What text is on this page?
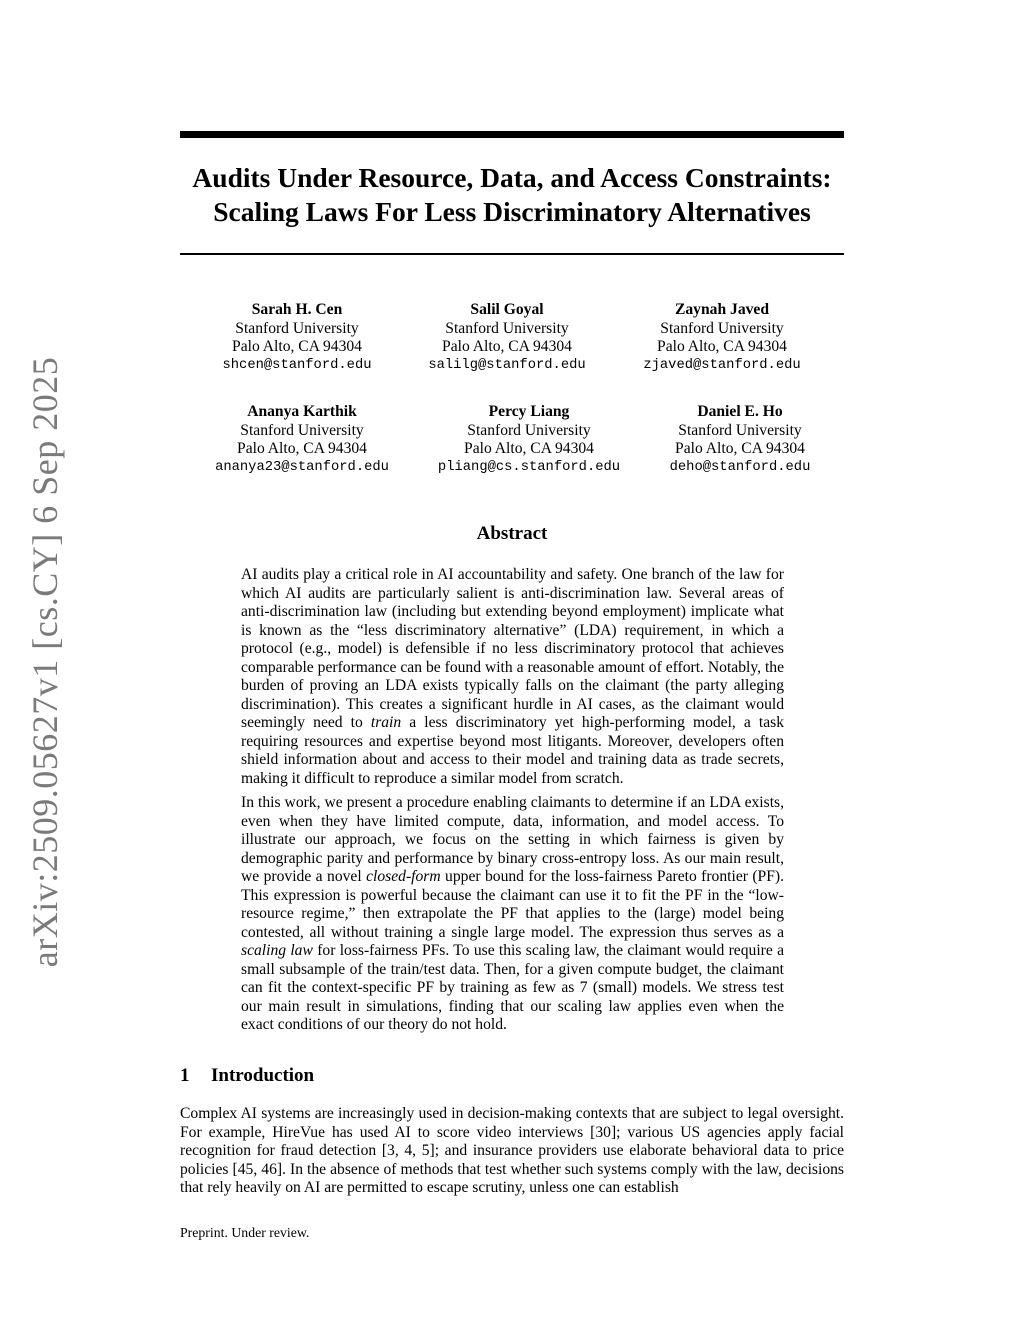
arXiv:2509.05627v1 [cs.CY] 6 Sep 2025
Audits Under Resource, Data, and Access Constraints:
Scaling Laws For Less Discriminatory Alternatives
Sarah H. Cen
Stanford University
Palo Alto, CA 94304
shcen@stanford.edu
Salil Goyal
Stanford University
Palo Alto, CA 94304
salilg@stanford.edu
Zaynah Javed
Stanford University
Palo Alto, CA 94304
zjaved@stanford.edu
Ananya Karthik
Stanford University
Palo Alto, CA 94304
ananya23@stanford.edu
Percy Liang
Stanford University
Palo Alto, CA 94304
pliang@cs.stanford.edu
Daniel E. Ho
Stanford University
Palo Alto, CA 94304
deho@stanford.edu
Abstract

AI audits play a critical role in AI accountability and safety. One branch of the law for which AI audits are particularly salient is anti-discrimination law. Several areas of anti-discrimination law (including but extending beyond employment) implicate what is known as the “less discriminatory alternative” (LDA) requirement, in which a protocol (e.g., model) is defensible if no less discriminatory protocol that achieves comparable performance can be found with a reasonable amount of effort. Notably, the burden of proving an LDA exists typically falls on the claimant (the party alleging discrimination). This creates a significant hurdle in AI cases, as the claimant would seemingly need to train a less discriminatory yet high-performing model, a task requiring resources and expertise beyond most litigants. Moreover, developers often shield information about and access to their model and training data as trade secrets, making it difficult to reproduce a similar model from scratch.

In this work, we present a procedure enabling claimants to determine if an LDA exists, even when they have limited compute, data, information, and model access. To illustrate our approach, we focus on the setting in which fairness is given by demographic parity and performance by binary cross-entropy loss. As our main result, we provide a novel closed-form upper bound for the loss-fairness Pareto frontier (PF). This expression is powerful because the claimant can use it to fit the PF in the “low-resource regime,” then extrapolate the PF that applies to the (large) model being contested, all without training a single large model. The expression thus serves as a scaling law for loss-fairness PFs. To use this scaling law, the claimant would require a small subsample of the train/test data. Then, for a given compute budget, the claimant can fit the context-specific PF by training as few as 7 (small) models. We stress test our main result in simulations, finding that our scaling law applies even when the exact conditions of our theory do not hold.

1 Introduction
Complex AI systems are increasingly used in decision-making contexts that are subject to legal oversight. For example, HireVue has used AI to score video interviews [30]; various US agencies apply facial recognition for fraud detection [3, 4, 5]; and insurance providers use elaborate behavioral data to price policies [45, 46]. In the absence of methods that test whether such systems comply with the law, decisions that rely heavily on AI are permitted to escape scrutiny, unless one can establish
Preprint. Under review.
